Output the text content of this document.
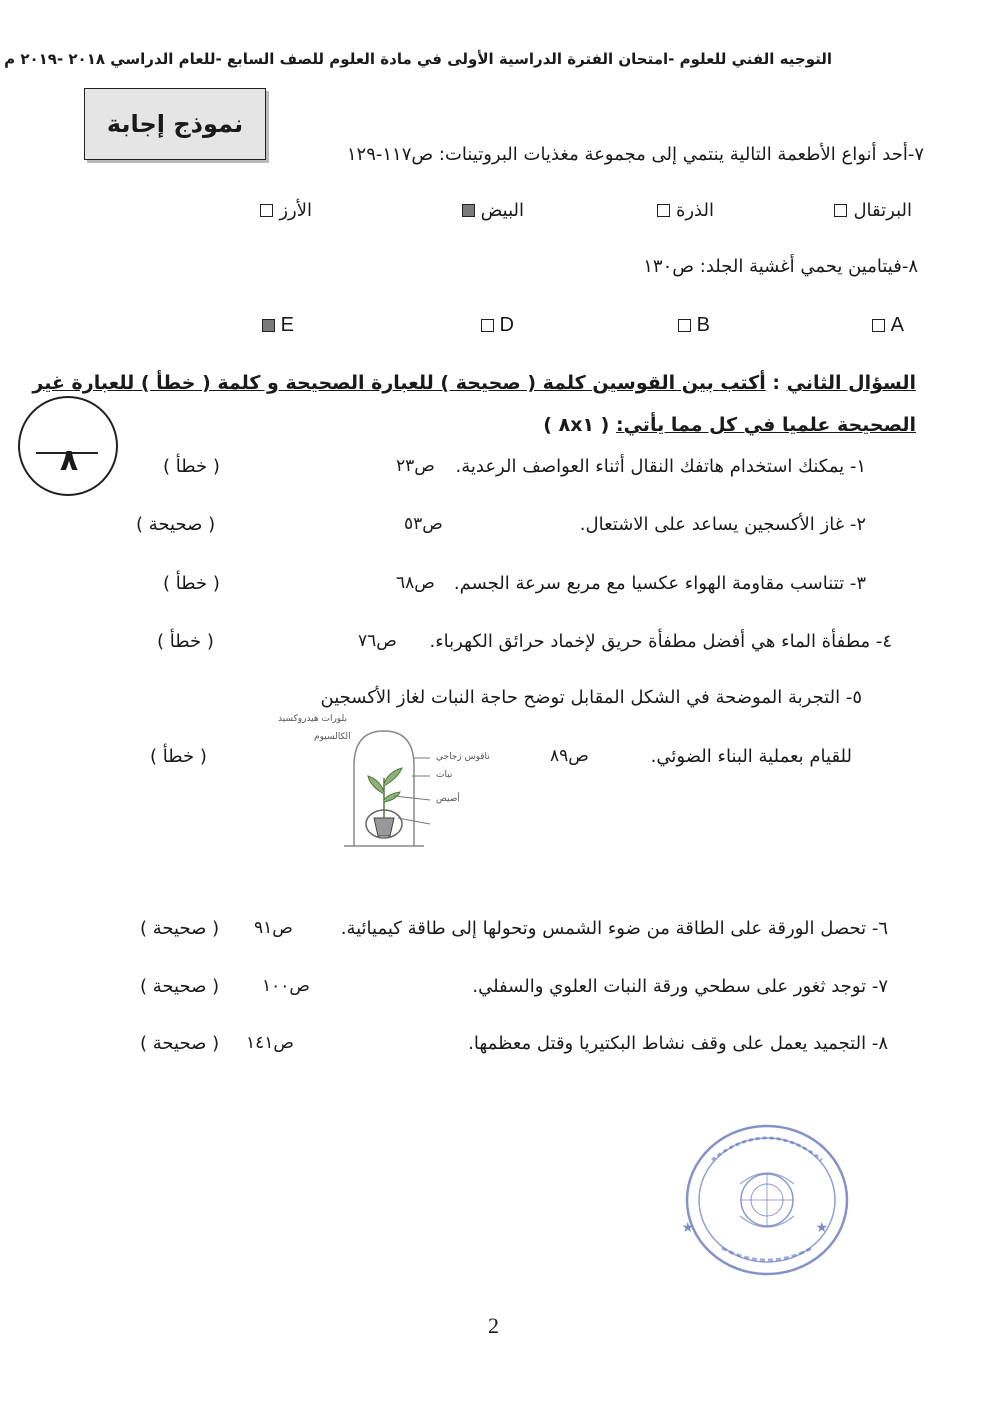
التوجيه الفني للعلوم -امتحان الفترة الدراسية الأولى في مادة العلوم للصف السابع -للعام الدراسي ٢٠١٨ -٢٠١٩ م
نموذج إجابة
٧-أحد أنواع الأطعمة التالية ينتمي إلى مجموعة مغذيات البروتينات: ص١١٧-١٢٩
البرتقال
الذرة
البيض
الأرز
٨-فيتامين يحمي أغشية الجلد: ص١٣٠
A
B
D
E
السؤال الثاني : أكتب بين القوسين كلمة ( صحيحة ) للعبارة الصحيحة و كلمة ( خطأ ) للعبارة غير
الصحيحة علميا في كل مما يأتي: ( ٨x١ )
٨	١- يمكنك استخدام هاتفك النقال أثناء العواصف الرعدية.
ص٢٣
( خطأ )
٢- غاز الأكسجين يساعد على الاشتعال.
ص٥٣
( صحيحة )
٣- تتناسب مقاومة الهواء عكسيا مع مربع سرعة الجسم.
ص٦٨
( خطأ )
٤- مطفأة الماء هي أفضل مطفأة حريق لإخماد حرائق الكهرباء.
ص٧٦
( خطأ )
٥- التجربة الموضحة في الشكل المقابل توضح حاجة النبات لغاز الأكسجين
للقيام بعملية البناء الضوئي.
ص٨٩
( خطأ )
بلورات هيدروكسيد
الكالسيوم
ناقوس زجاجي
نبات
أصيص
٦- تحصل الورقة على الطاقة من ضوء الشمس وتحولها إلى طاقة كيميائية.
ص٩١
( صحيحة )
٧- توجد ثغور على سطحي ورقة النبات العلوي والسفلي.
ص١٠٠
( صحيحة )
٨- التجميد يعمل على وقف نشاط البكتيريا وقتل معظمها.
ص١٤١
( صحيحة )
★	★
2
